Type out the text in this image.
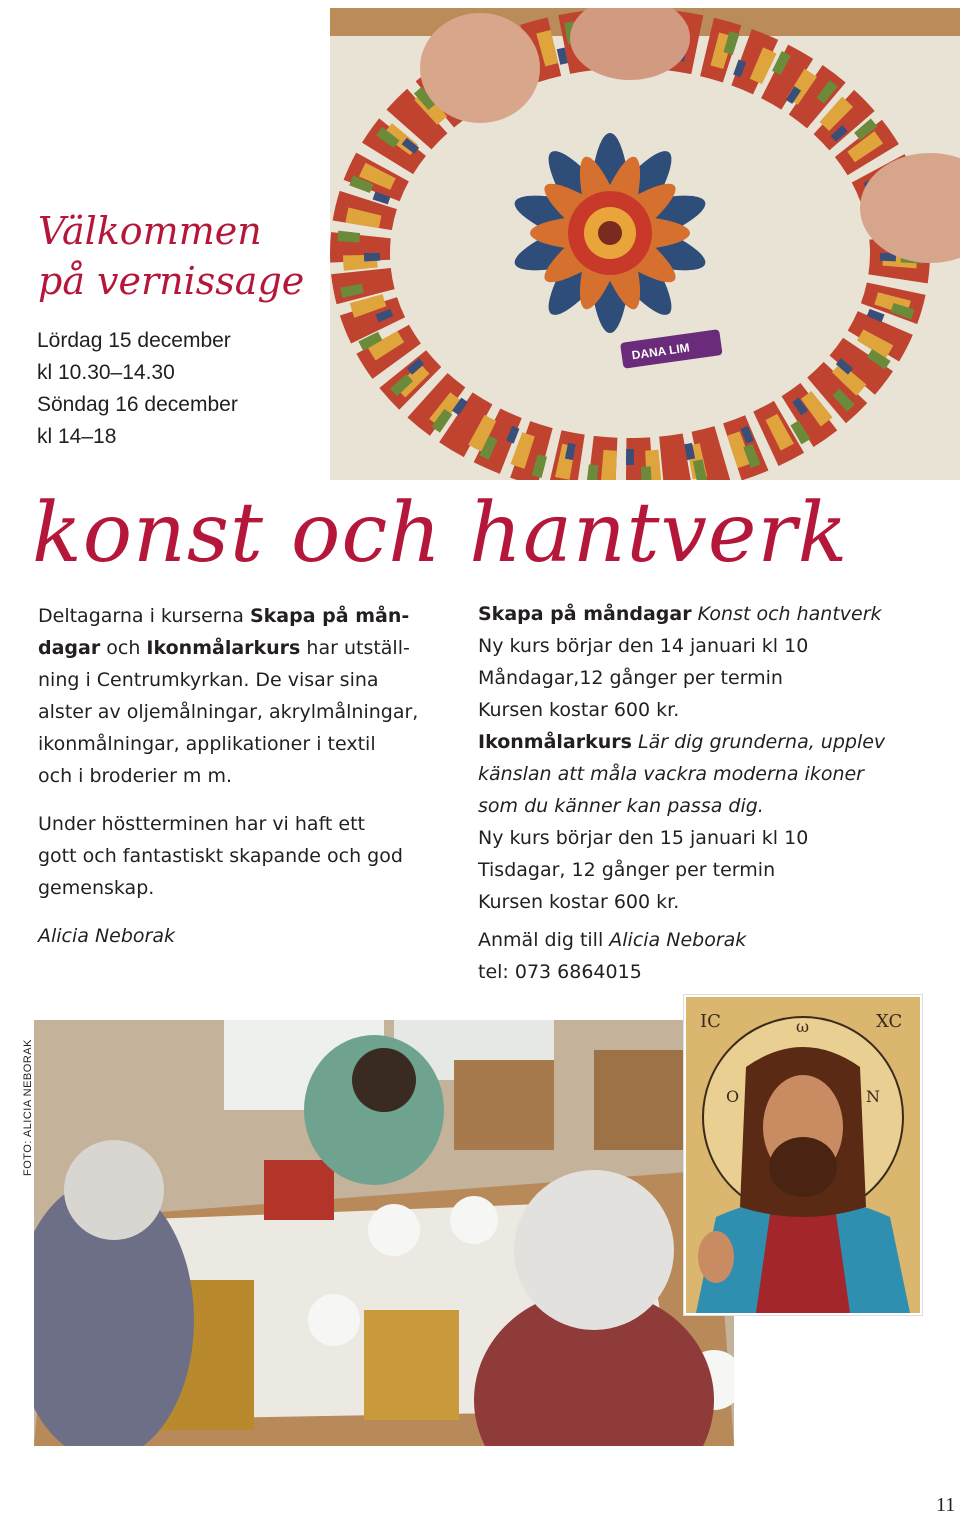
DANA LIM
Välkommen
på vernissage
Lördag 15 december
kl 10.30–14.30
Söndag 16 december
kl 14–18
konst och hantverk
Deltagarna i kurserna Skapa på mån-
dagar och Ikonmålarkurs har utställ-
ning i Centrumkyrkan. De visar sina
alster av oljemålningar, akrylmålningar,
ikonmålningar, applikationer i textil
och i broderier m m.
Under höstterminen har vi haft ett
gott och fantastiskt skapande och god
gemenskap.
Alicia Neborak
Skapa på måndagar Konst och hantverk
Ny kurs börjar den 14 januari kl 10
Måndagar,12 gånger per termin
Kursen kostar 600 kr.
Ikonmålarkurs Lär dig grunderna, upplev
känslan att måla vackra moderna ikoner
som du känner kan passa dig.
Ny kurs börjar den 15 januari kl 10
Tisdagar, 12 gånger per termin
Kursen kostar 600 kr.
Anmäl dig till Alicia Neborak
tel: 073 6864015
FOTO: ALICIA NEBORAK
IC	XC
ω
O	N
11
